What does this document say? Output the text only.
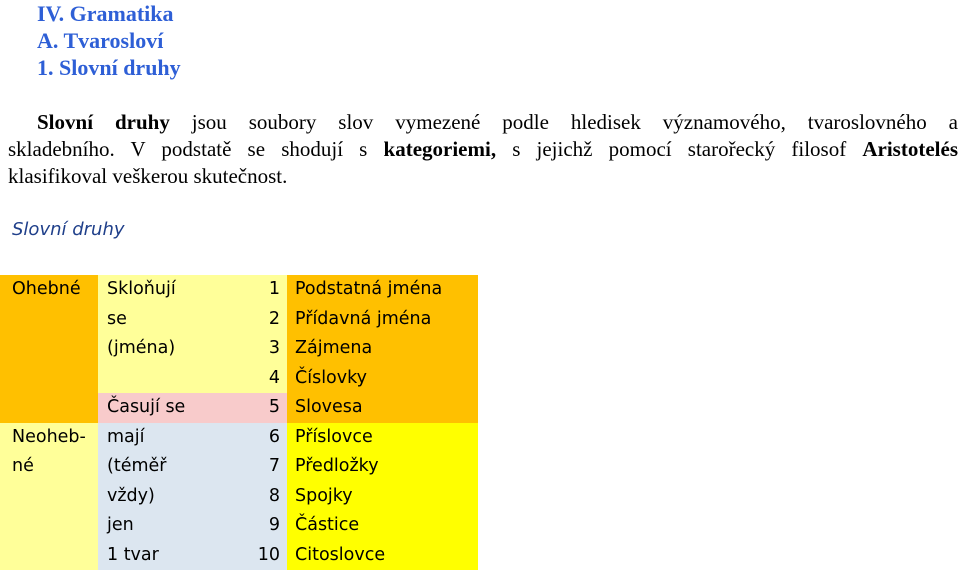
IV. Gramatika
A. Tvarosloví
1. Slovní druhy

Slovní druhy jsou soubory slov vymezené podle hledisek významového, tvaroslovného a
skladebního. V podstatě se shodují s kategoriemi, s jejichž pomocí starořecký filosof Aristotelés
klasifikoval veškerou skutečnost.

Slovní druhy
Ohebné
Neoheb-
né
Skloňují
se
(jména)
Časují se
mají
(téměř
vždy)
jen
1 tvar
1 Podstatná jména
2 Přídavná jména
3 Zájmena
4 Číslovky
5 Slovesa
6 Příslovce
7 Předložky
8 Spojky
9 Částice
10 Citoslovce
